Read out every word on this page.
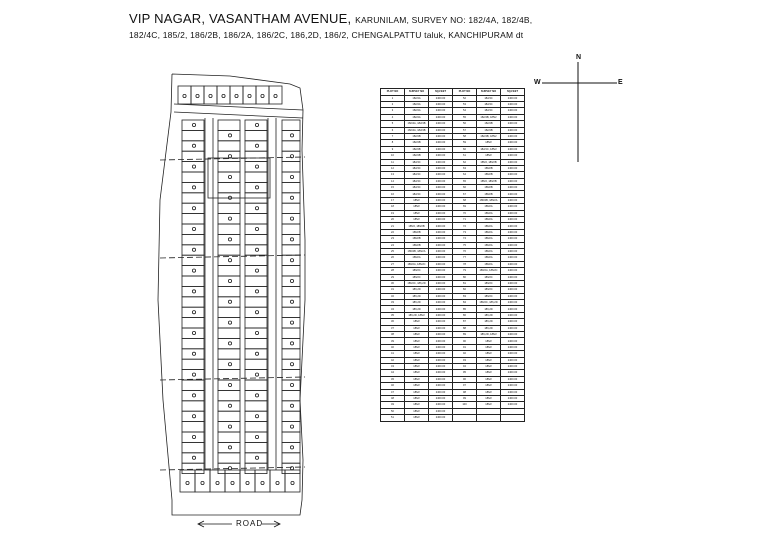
VIP NAGAR, VASANTHAM AVENUE, KARUNILAM, SURVEY NO: 182/4A, 182/4B,
182/4C, 185/2, 186/2B, 186/2A, 186/2C, 186,2D, 186/2, CHENGALPATTU taluk, KANCHIPURAM dt
N
W	E
ROAD
PLOT NO	SURVEY NO	SQ.FEET	PLOT NO	SURVEY NO	SQ.FEET
1	182/4A	2400.00	52	182/4C	2400.00
2	182/4A	2400.00	53	182/4C	2400.00
3	182/4A	2400.00	54	182/4C	2400.00
4	182/4A	2400.00	55	182/4B, 185/2	2400.00
5	182/4A, 182/4B	2400.00	56	182/4B	2400.00
6	182/4A, 182/4B	2400.00	57	182/4B	2400.00
7	182/4B	2400.00	58	182/4B, 185/2	2400.00
8	182/4B	2400.00	59	185/2	2400.00
9	182/4B	2400.00	60	182/4C, 185/2	2400.00
10	182/4B	2400.00	61	185/2	2400.00
11	182/4C	2400.00	62	185/2, 186/2B	2400.00
12	182/4C	2400.00	63	186/2B	2400.00
13	182/4C	2400.00	64	186/2B	2400.00
14	182/4C	2400.00	65	185/2, 186/2B	2400.00
15	182/4C	2400.00	66	186/2B	2400.00
16	182/4C	2400.00	67	186/2B	2400.00
17	185/2	2400.00	68	186/2B, 186/2A	2400.00
18	185/2	2400.00	69	186/2A	2400.00
19	185/2	2400.00	70	186/2A	2400.00
20	185/2	2400.00	71	186/2A	2400.00
21	185/2, 186/2B	2400.00	72	186/2A	2400.00
22	186/2B	2400.00	73	186/2A	2400.00
23	186/2B	2400.00	74	186/2A	2400.00
24	186/2B	2400.00	75	186/2A	2400.00
25	186/2B, 186/2A	2400.00	76	186/2A	2400.00
26	186/2A	2400.00	77	186/2A	2400.00
27	186/2A, 186/2C	2400.00	78	186/2A	2400.00
28	186/2C	2400.00	79	186/2A, 186/2C	2400.00
29	186/2C	2400.00	80	186/2C	2400.00
30	186/2C, 186,2D	2400.00	81	186/2C	2400.00
31	186,2D	2400.00	82	186/2C	2400.00
32	186,2D	2400.00	83	186/2C	2400.00
33	186,2D	2400.00	84	186/2C, 186,2D	2400.00
34	186,2D	2400.00	85	186,2D	2400.00
35	186,2D, 186/2	2400.00	86	186,2D	2400.00
36	186/2	2400.00	87	186,2D	2400.00
37	186/2	2400.00	88	186,2D	2400.00
38	186/2	2400.00	89	186,2D, 186/2	2400.00
39	186/2	2400.00	90	186/2	2400.00
40	186/2	2400.00	91	186/2	2400.00
41	186/2	2400.00	92	186/2	2400.00
42	186/2	2400.00	93	186/2	2400.00
43	186/2	2400.00	94	186/2	2400.00
44	186/2	2400.00	95	186/2	2400.00
45	186/2	2400.00	96	186/2	2400.00
46	186/2	2400.00	97	186/2	2400.00
47	186/2	2400.00	98	186/2	2400.00
48	186/2	2400.00	99	186/2	2400.00
49	186/2	2400.00	100	186/2	2400.00
50	186/2	2400.00			
51	186/2	2400.00			
